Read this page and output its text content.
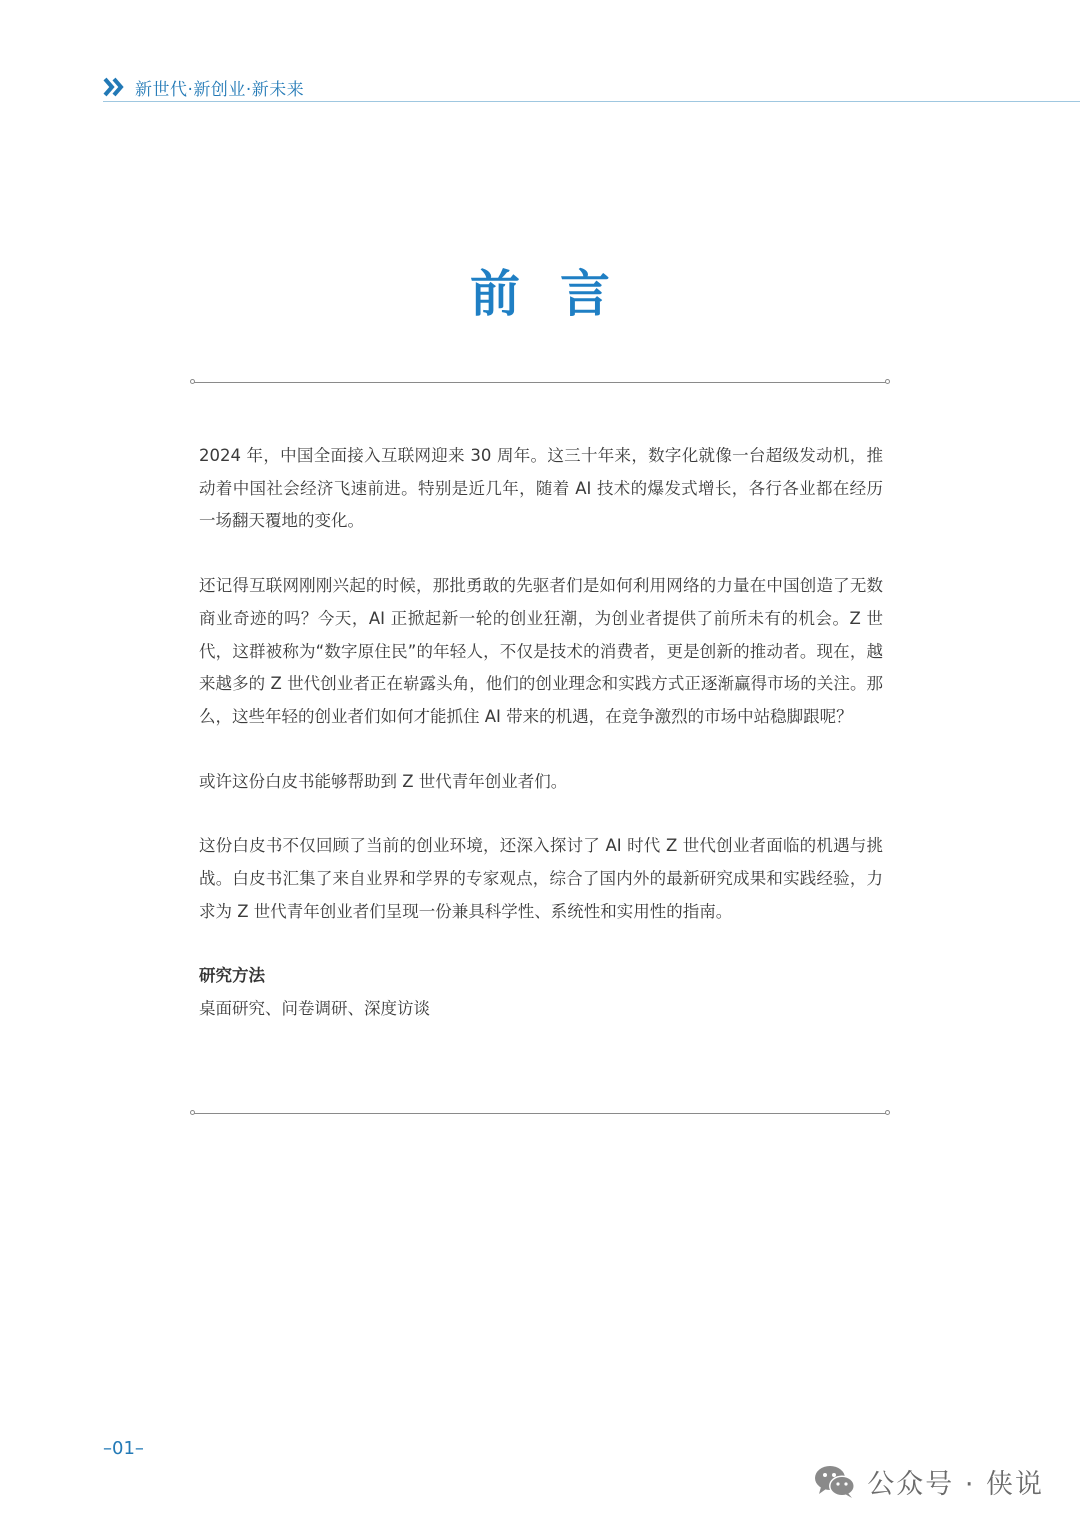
新世代·新创业·新未来
前言

2024 年，中国全面接入互联网迎来 30 周年。这三十年来，数字化就像一台超级发动机，推动着中国社会经济飞速前进。特别是近几年，随着 AI 技术的爆发式增长，各行各业都在经历一场翻天覆地的变化。

还记得互联网刚刚兴起的时候，那批勇敢的先驱者们是如何利用网络的力量在中国创造了无数商业奇迹的吗？今天，AI 正掀起新一轮的创业狂潮，为创业者提供了前所未有的机会。Z 世代，这群被称为“数字原住民”的年轻人，不仅是技术的消费者，更是创新的推动者。现在，越来越多的 Z 世代创业者正在崭露头角，他们的创业理念和实践方式正逐渐赢得市场的关注。那么，这些年轻的创业者们如何才能抓住 AI 带来的机遇，在竞争激烈的市场中站稳脚跟呢？

或许这份白皮书能够帮助到 Z 世代青年创业者们。

这份白皮书不仅回顾了当前的创业环境，还深入探讨了 AI 时代 Z 世代创业者面临的机遇与挑战。白皮书汇集了来自业界和学界的专家观点，综合了国内外的最新研究成果和实践经验，力求为 Z 世代青年创业者们呈现一份兼具科学性、系统性和实用性的指南。

研究方法

桌面研究、问卷调研、深度访谈

–01–
公众号 · 侠说
